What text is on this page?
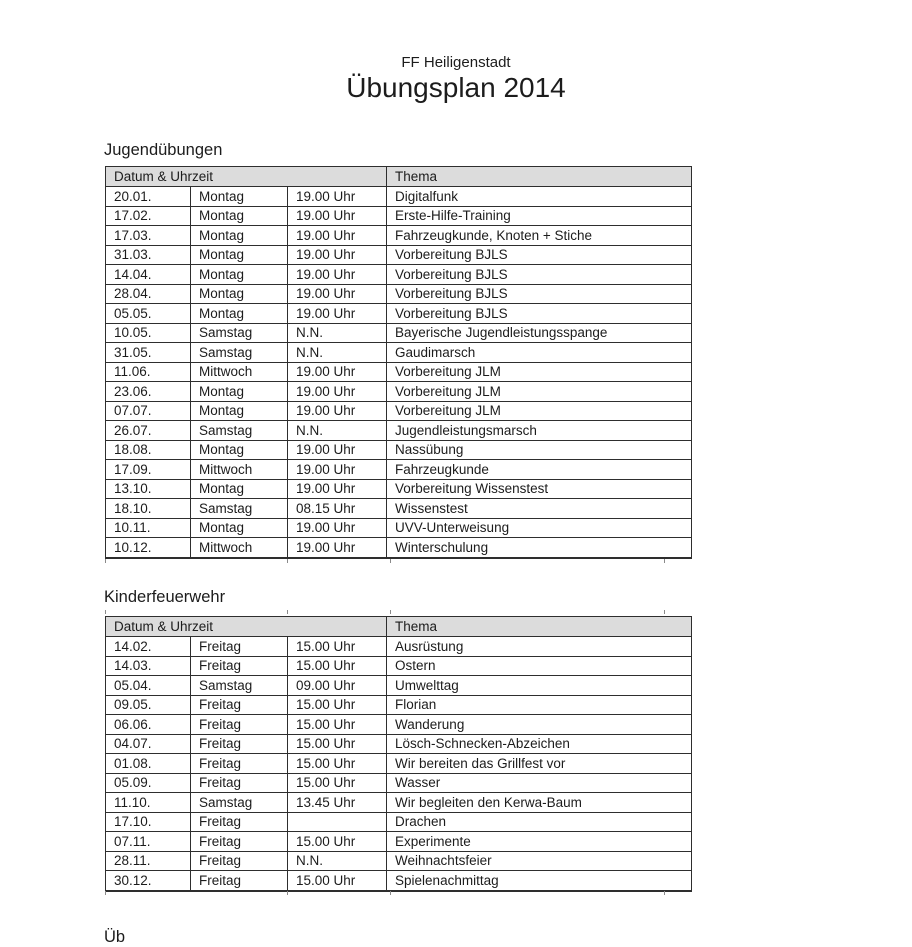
FF Heiligenstadt
Übungsplan 2014
Jugendübungen
Datum & Uhrzeit			Thema
20.01.	Montag	19.00 Uhr	Digitalfunk
17.02.	Montag	19.00 Uhr	Erste-Hilfe-Training
17.03.	Montag	19.00 Uhr	Fahrzeugkunde, Knoten + Stiche
31.03.	Montag	19.00 Uhr	Vorbereitung BJLS
14.04.	Montag	19.00 Uhr	Vorbereitung BJLS
28.04.	Montag	19.00 Uhr	Vorbereitung BJLS
05.05.	Montag	19.00 Uhr	Vorbereitung BJLS
10.05.	Samstag	N.N.	Bayerische Jugendleistungsspange
31.05.	Samstag	N.N.	Gaudimarsch
11.06.	Mittwoch	19.00 Uhr	Vorbereitung JLM
23.06.	Montag	19.00 Uhr	Vorbereitung JLM
07.07.	Montag	19.00 Uhr	Vorbereitung JLM
26.07.	Samstag	N.N.	Jugendleistungsmarsch
18.08.	Montag	19.00 Uhr	Nassübung
17.09.	Mittwoch	19.00 Uhr	Fahrzeugkunde
13.10.	Montag	19.00 Uhr	Vorbereitung Wissenstest
18.10.	Samstag	08.15 Uhr	Wissenstest
10.11.	Montag	19.00 Uhr	UVV-Unterweisung
10.12.	Mittwoch	19.00 Uhr	Winterschulung
Kinderfeuerwehr
Datum & Uhrzeit			Thema
14.02.	Freitag	15.00 Uhr	Ausrüstung
14.03.	Freitag	15.00 Uhr	Ostern
05.04.	Samstag	09.00 Uhr	Umwelttag
09.05.	Freitag	15.00 Uhr	Florian
06.06.	Freitag	15.00 Uhr	Wanderung
04.07.	Freitag	15.00 Uhr	Lösch-Schnecken-Abzeichen
01.08.	Freitag	15.00 Uhr	Wir bereiten das Grillfest vor
05.09.	Freitag	15.00 Uhr	Wasser
11.10.	Samstag	13.45 Uhr	Wir begleiten den Kerwa-Baum
17.10.	Freitag		Drachen
07.11.	Freitag	15.00 Uhr	Experimente
28.11.	Freitag	N.N.	Weihnachtsfeier
30.12.	Freitag	15.00 Uhr	Spielenachmittag
Üb
